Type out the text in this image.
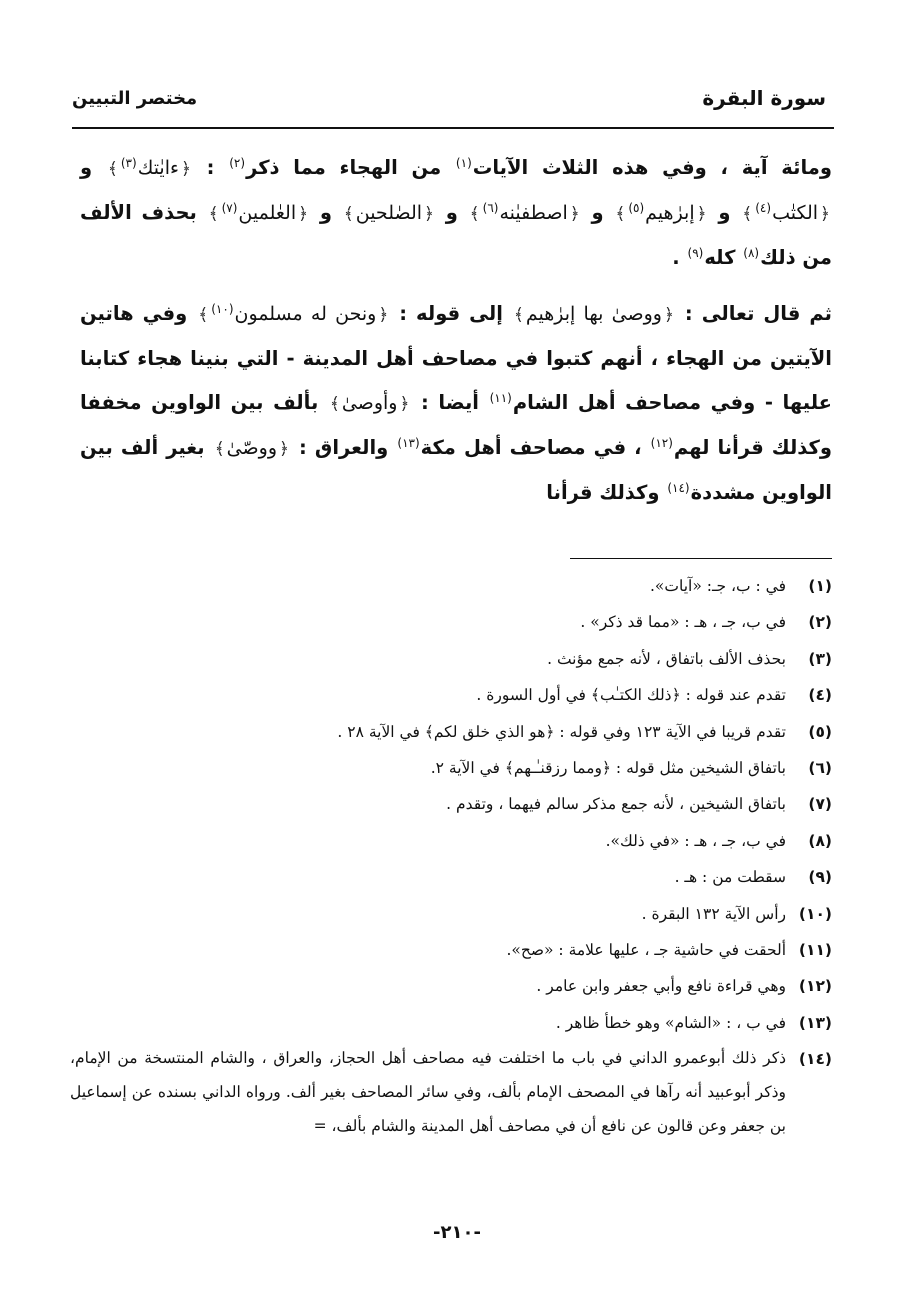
سورة البقرة
مختصر التبيين

ومائة آية ، وفي هذه الثلاث الآيات$^{(١)}$ من الهجاء مما ذكر$^{(٢)}$ : ﴿ءايٰتك$^{(٣)}$﴾ و ﴿الكتٰب$^{(٤)}$﴾ و ﴿إبرٰهيم$^{(٥)}$﴾ و ﴿اصطفيٰنه$^{(٦)}$﴾ و ﴿الصٰلحين﴾ و ﴿العٰلمين$^{(٧)}$﴾ بحذف الألف من ذلك$^{(٨)}$ كله$^{(٩)}$ .

ثم قال تعالى : ﴿ووصىٰ بها إبرٰهيم﴾ إلى قوله : ﴿ونحن له مسلمون$^{(١٠)}$﴾ وفي هاتين الآيتين من الهجاء ، أنهم كتبوا في مصاحف أهل المدينة - التي بنينا هجاء كتابنا عليها - وفي مصاحف أهل الشام$^{(١١)}$ أيضا : ﴿وأوصىٰ﴾ بألف بين الواوين مخففا وكذلك قرأنا لهم$^{(١٢)}$ ، في مصاحف أهل مكة$^{(١٣)}$ والعراق : ﴿ووصّىٰ﴾ بغير ألف بين الواوين مشددة$^{(١٤)}$ وكذلك قرأنا

(١)
في : ب، جـ: «آيات».
(٢)
في ب، جـ ، هـ : «مما قد ذكر» .
(٣)
بحذف الألف باتفاق ، لأنه جمع مؤنث .
(٤)
تقدم عند قوله : ﴿ذلك الكتـٰب﴾ في أول السورة .
(٥)
تقدم قريبا في الآية ١٢٣ وفي قوله : ﴿هو الذي خلق لكم﴾ في الآية ٢٨ .
(٦)
باتفاق الشيخين مثل قوله : ﴿ومما رزقنـٰـهم﴾ في الآية ٢.
(٧)
باتفاق الشيخين ، لأنه جمع مذكر سالم فيهما ، وتقدم .
(٨)
في ب، جـ ، هـ : «في ذلك».
(٩)
سقطت من : هـ .
(١٠)
رأس الآية ١٣٢ البقرة .
(١١)
ألحقت في حاشية جـ ، عليها علامة : «صح».
(١٢)
وهي قراءة نافع وأبي جعفر وابن عامر .
(١٣)
في ب ، : «الشام» وهو خطأ ظاهر .
(١٤)
ذكر ذلك أبوعمرو الداني في باب ما اختلفت فيه مصاحف أهل الحجاز، والعراق ، والشام المنتسخة من الإمام، وذكر أبوعبيد أنه رآها في المصحف الإمام بألف، وفي سائر المصاحف بغير ألف. ورواه الداني بسنده عن إسماعيل بن جعفر وعن قالون عن نافع أن في مصاحف أهل المدينة والشام بألف، =
-٢١٠-
